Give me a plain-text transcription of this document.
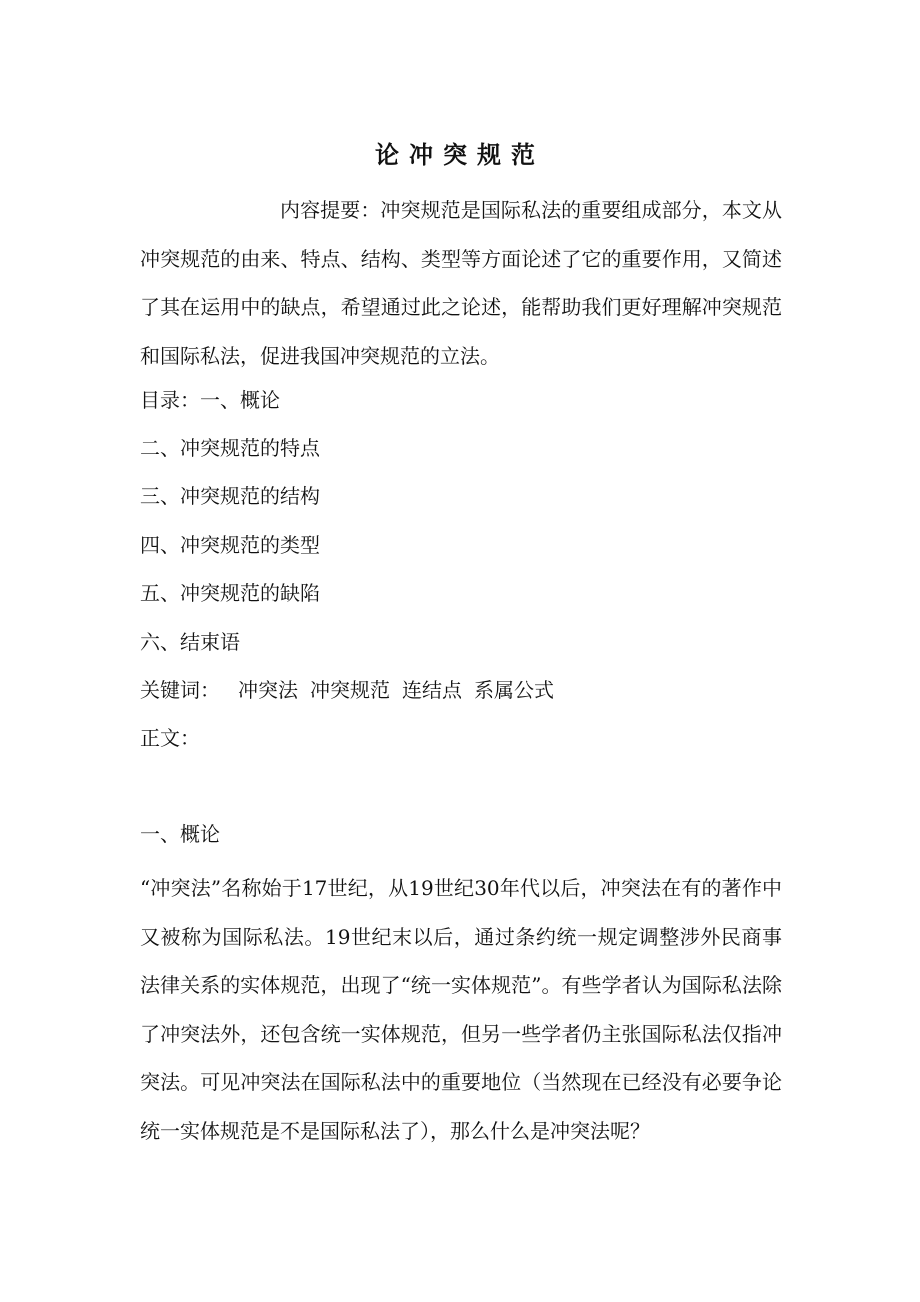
论冲突规范
内容提要：冲突规范是国际私法的重要组成部分，本文从冲突规范的由来、特点、结构、类型等方面论述了它的重要作用，又简述了其在运用中的缺点，希望通过此之论述，能帮助我们更好理解冲突规范和国际私法，促进我国冲突规范的立法。
目录：一、概论
二、冲突规范的特点
三、冲突规范的结构
四、冲突规范的类型
五、冲突规范的缺陷
六、结束语
关键词： 冲突法 冲突规范 连结点 系属公式
正文：
一、概论
“冲突法”名称始于17世纪，从19世纪30年代以后，冲突法在有的著作中又被称为国际私法。19世纪末以后，通过条约统一规定调整涉外民商事法律关系的实体规范，出现了“统一实体规范”。有些学者认为国际私法除了冲突法外，还包含统一实体规范，但另一些学者仍主张国际私法仅指冲突法。可见冲突法在国际私法中的重要地位（当然现在已经没有必要争论统一实体规范是不是国际私法了），那么什么是冲突法呢？
